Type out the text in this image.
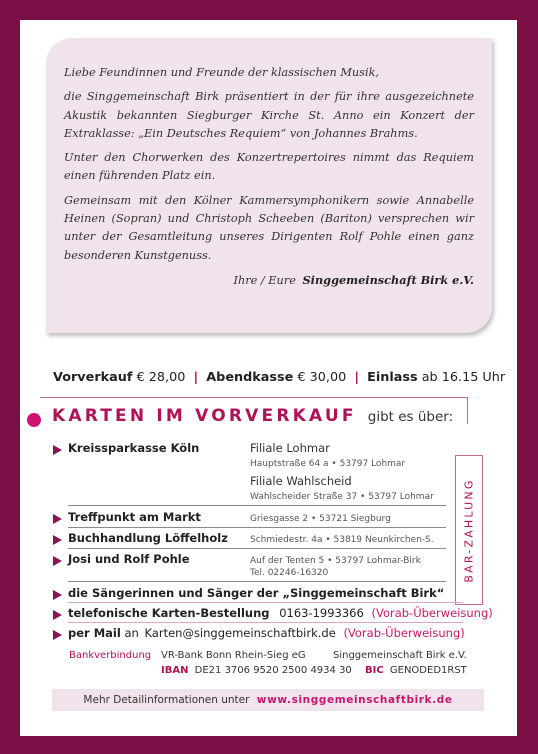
Liebe Feundinnen und Freunde der klassischen Musik,

die Singgemeinschaft Birk präsentiert in der für ihre ausgezeichnete Akustik bekannten Siegburger Kirche St. Anno ein Konzert der Extraklasse: „Ein Deutsches Requiem“ von Johannes Brahms.

Unter den Chorwerken des Konzertrepertoires nimmt das Requiem einen führenden Platz ein.

Gemeinsam mit den Kölner Kammersymphonikern sowie Annabelle Heinen (Sopran) und Christoph Scheeben (Bariton) versprechen wir unter der Gesamtleitung unseres Dirigenten Rolf Pohle einen ganz besonderen Kunstgenuss.

Ihre / Eure Singgemeinschaft Birk e.V.

Vorverkauf € 28,00 | Abendkasse € 30,00 | Einlass ab 16.15 Uhr
KARTEN IM VORVERKAUF gibt es über:
BAR-ZAHLUNG
Kreissparkasse Köln	Filiale Lohmar
Hauptstraße 64 a • 53797 Lohmar
Filiale Wahlscheid
Wahlscheider Straße 37 • 53797 Lohmar
Treffpunkt am Markt	Griesgasse 2 • 53721 Siegburg
Buchhandlung Löffelholz Schmiedestr. 4a • 53819 Neunkirchen-S.
Josi und Rolf Pohle	Auf der Tenten 5 • 53797 Lohmar-Birk
Tel. 02246-16320
die Sängerinnen und Sänger der „Singgemeinschaft Birk“
telefonische Karten-Bestellung 0163-1993366 (Vorab-Überweisung)
per Mail an Karten@singgemeinschaftbirk.de (Vorab-Überweisung)
Bankverbindung VR-Bank Bonn Rhein-Sieg eG	Singgemeinschaft Birk e.V.
IBAN DE21 3706 9520 2500 4934 30 BIC GENODED1RST
Mehr Detailinformationen unter www.singgemeinschaftbirk.de
